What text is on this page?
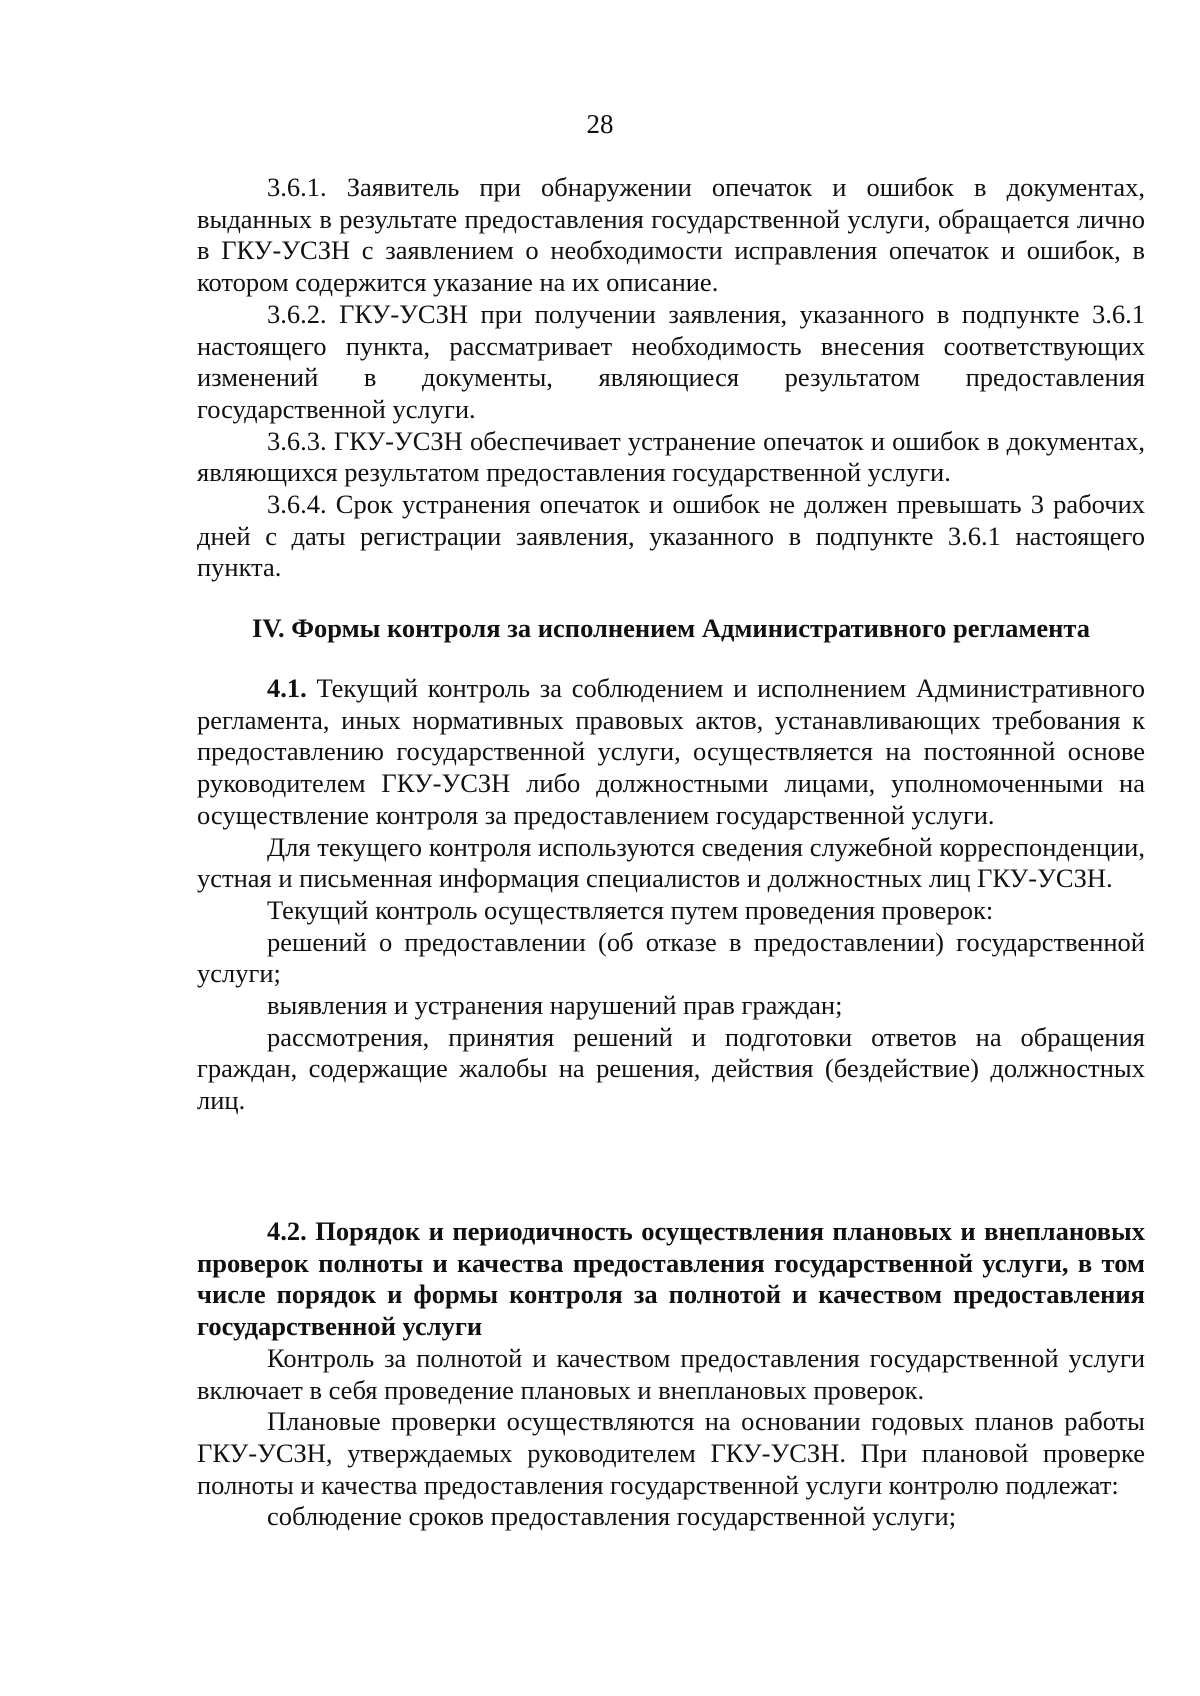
28

3.6.1. Заявитель при обнаружении опечаток и ошибок в документах, выданных в результате предоставления государственной услуги, обращается лично в ГКУ-УСЗН с заявлением о необходимости исправления опечаток и ошибок, в котором содержится указание на их описание.

3.6.2. ГКУ-УСЗН при получении заявления, указанного в подпункте 3.6.1 настоящего пункта, рассматривает необходимость внесения соответствующих изменений в документы, являющиеся результатом предоставления государственной услуги.

3.6.3. ГКУ-УСЗН обеспечивает устранение опечаток и ошибок в документах, являющихся результатом предоставления государственной услуги.

3.6.4. Срок устранения опечаток и ошибок не должен превышать 3 рабочих дней с даты регистрации заявления, указанного в подпункте 3.6.1 настоящего пункта.

IV. Формы контроля за исполнением Административного регламента

4.1. Текущий контроль за соблюдением и исполнением Административного регламента, иных нормативных правовых актов, устанавливающих требования к предоставлению государственной услуги, осуществляется на постоянной основе руководителем ГКУ-УСЗН либо должностными лицами, уполномоченными на осуществление контроля за предоставлением государственной услуги.

Для текущего контроля используются сведения служебной корреспонденции, устная и письменная информация специалистов и должностных лиц ГКУ-УСЗН.

Текущий контроль осуществляется путем проведения проверок:

решений о предоставлении (об отказе в предоставлении) государственной услуги;

выявления и устранения нарушений прав граждан;

рассмотрения, принятия решений и подготовки ответов на обращения граждан, содержащие жалобы на решения, действия (бездействие) должностных лиц.

4.2. Порядок и периодичность осуществления плановых и внеплановых проверок полноты и качества предоставления государственной услуги, в том числе порядок и формы контроля за полнотой и качеством предоставления государственной услуги

Контроль за полнотой и качеством предоставления государственной услуги включает в себя проведение плановых и внеплановых проверок.

Плановые проверки осуществляются на основании годовых планов работы ГКУ-УСЗН, утверждаемых руководителем ГКУ-УСЗН. При плановой проверке полноты и качества предоставления государственной услуги контролю подлежат:

соблюдение сроков предоставления государственной услуги;
